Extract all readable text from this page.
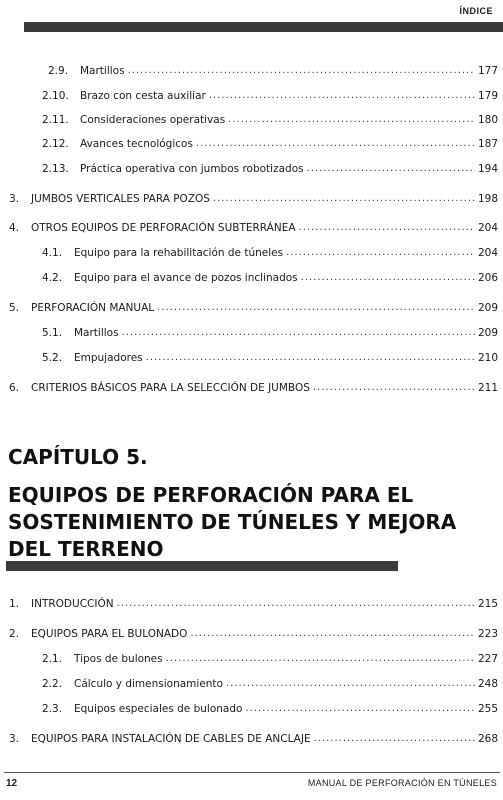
ÍNDICE
2.9.	Martillos .....	177
2.10.	Brazo con cesta auxiliar .....	179
2.11.	Consideraciones operativas .....	180
2.12.	Avances tecnológicos .....	187
2.13.	Práctica operativa con jumbos robotizados .....	194
3.	JUMBOS VERTICALES PARA POZOS .....	198
4.	OTROS EQUIPOS DE PERFORACIÓN SUBTERRÁNEA .....	204
4.1.	Equipo para la rehabilitación de túneles .....	204
4.2.	Equipo para el avance de pozos inclinados .....	206
5.	PERFORACIÓN MANUAL .....	209
5.1.	Martillos .....	209
5.2.	Empujadores .....	210
6.	CRITERIOS BÁSICOS PARA LA SELECCIÓN DE JUMBOS .....	211
CAPÍTULO 5.
EQUIPOS DE PERFORACIÓN PARA EL
SOSTENIMIENTO DE TÚNELES Y MEJORA
DEL TERRENO
1.	INTRODUCCIÓN .....	215
2.	EQUIPOS PARA EL BULONADO .....	223
2.1.	Tipos de bulones .....	227
2.2.	Cálculo y dimensionamiento .....	248
2.3.	Equipos especiales de bulonado .....	255
3.	EQUIPOS PARA INSTALACIÓN DE CABLES DE ANCLAJE .....	268
12	MANUAL DE PERFORACIÓN EN TÚNELES
